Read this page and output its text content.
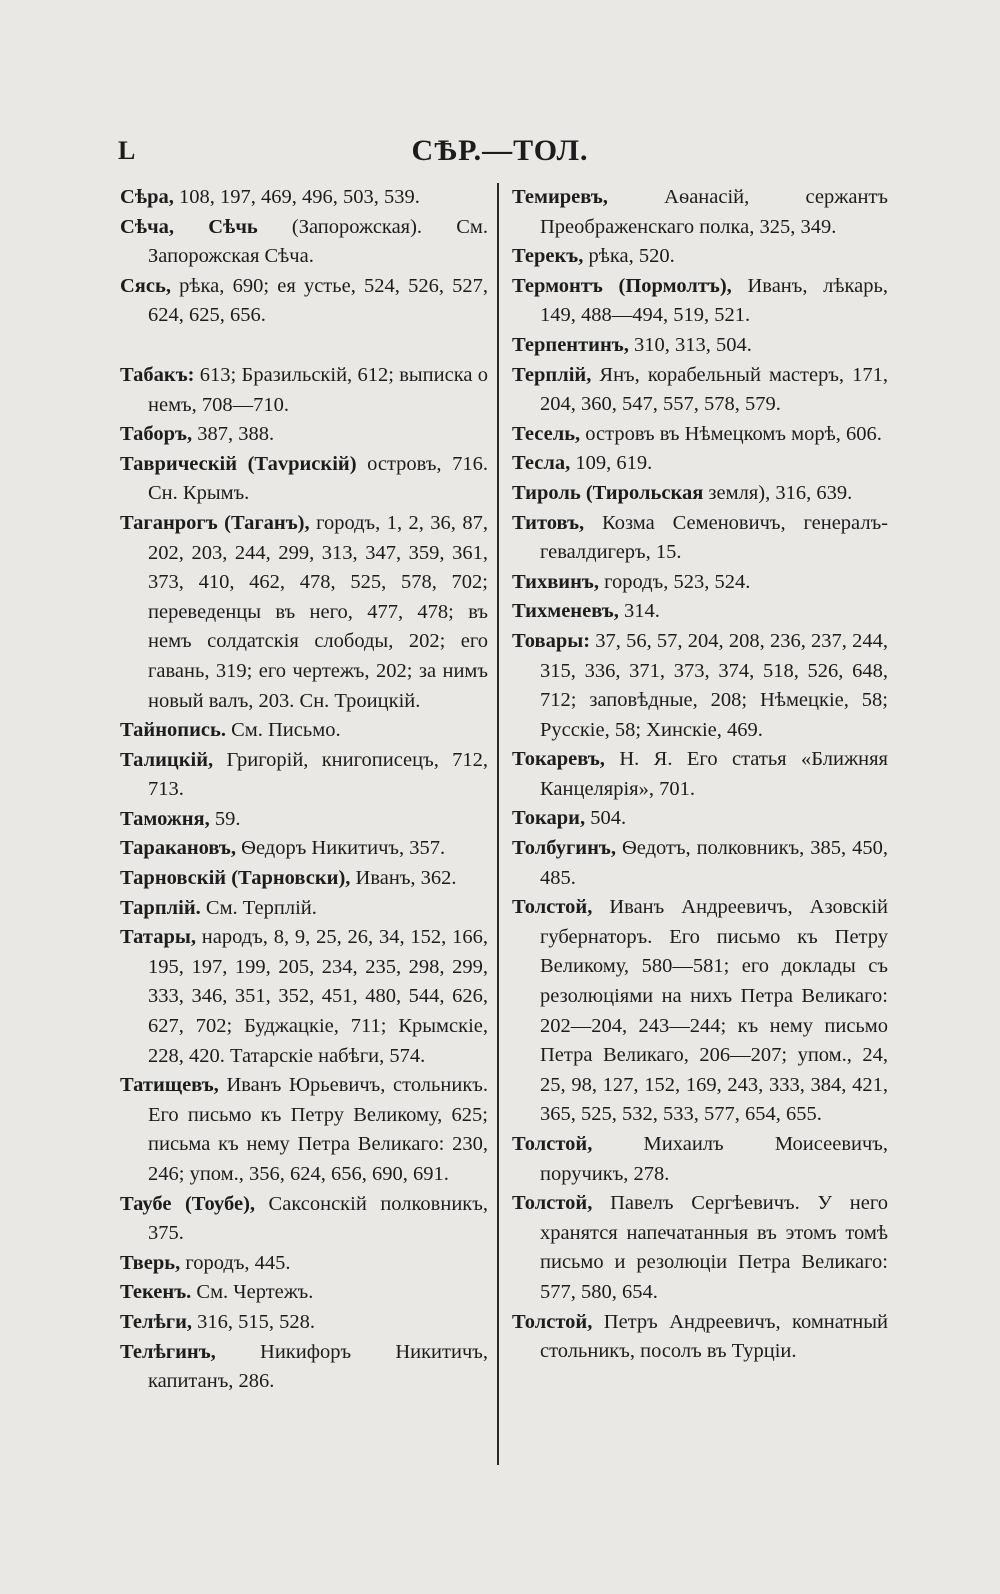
L	СѢР.—ТОЛ.

Сѣра, 108, 197, 469, 496, 503, 539.

Сѣча, Сѣчь (Запорожская). См. Запорожская Сѣча.

Сясь, рѣка, 690; ея устье, 524, 526, 527, 624, 625, 656.

Табакъ: 613; Бразильскій, 612; выписка о немъ, 708—710.

Таборъ, 387, 388.

Таврическій (Таvрискій) островъ, 716. Сн. Крымъ.

Таганрогъ (Таганъ), городъ, 1, 2, 36, 87, 202, 203, 244, 299, 313, 347, 359, 361, 373, 410, 462, 478, 525, 578, 702; переведенцы въ него, 477, 478; въ немъ солдатскія слободы, 202; его гавань, 319; его чертежъ, 202; за нимъ новый валъ, 203. Сн. Троицкій.

Тайнопись. См. Письмо.

Талицкій, Григорій, книгописецъ, 712, 713.

Таможня, 59.

Таракановъ, Ѳедоръ Никитичъ, 357.

Тарновскій (Тарновски), Иванъ, 362.

Тарплій. См. Терплій.

Татары, народъ, 8, 9, 25, 26, 34, 152, 166, 195, 197, 199, 205, 234, 235, 298, 299, 333, 346, 351, 352, 451, 480, 544, 626, 627, 702; Буджацкіе, 711; Крымскіе, 228, 420. Татарскіе набѣги, 574.

Татищевъ, Иванъ Юрьевичъ, стольникъ. Его письмо къ Петру Великому, 625; письма къ нему Петра Великаго: 230, 246; упом., 356, 624, 656, 690, 691.

Таубе (Тоубе), Саксонскій полковникъ, 375.

Тверь, городъ, 445.

Текенъ. См. Чертежъ.

Телѣги, 316, 515, 528.

Телѣгинъ, Никифоръ Никитичъ, капитанъ, 286.

Темиревъ, Аѳанасій, сержантъ Преображенскаго полка, 325, 349.

Терекъ, рѣка, 520.

Термонтъ (Пормолтъ), Иванъ, лѣкарь, 149, 488—494, 519, 521.

Терпентинъ, 310, 313, 504.

Терплій, Янъ, корабельный мастеръ, 171, 204, 360, 547, 557, 578, 579.

Тесель, островъ въ Нѣмецкомъ морѣ, 606.

Тесла, 109, 619.

Тироль (Тирольская земля), 316, 639.

Титовъ, Козма Семеновичъ, генералъ-гевалдигеръ, 15.

Тихвинъ, городъ, 523, 524.

Тихменевъ, 314.

Товары: 37, 56, 57, 204, 208, 236, 237, 244, 315, 336, 371, 373, 374, 518, 526, 648, 712; заповѣдные, 208; Нѣмецкіе, 58; Русскіе, 58; Хинскіе, 469.

Токаревъ, Н. Я. Его статья «Ближняя Канцелярія», 701.

Токари, 504.

Толбугинъ, Ѳедотъ, полковникъ, 385, 450, 485.

Толстой, Иванъ Андреевичъ, Азовскій губернаторъ. Его письмо къ Петру Великому, 580—581; его доклады съ резолюціями на нихъ Петра Великаго: 202—204, 243—244; къ нему письмо Петра Великаго, 206—207; упом., 24, 25, 98, 127, 152, 169, 243, 333, 384, 421, 365, 525, 532, 533, 577, 654, 655.

Толстой, Михаилъ Моисеевичъ, поручикъ, 278.

Толстой, Павелъ Сергѣевичъ. У него хранятся напечатанныя въ этомъ томѣ письмо и резолюціи Петра Великаго: 577, 580, 654.

Толстой, Петръ Андреевичъ, комнатный стольникъ, посолъ въ Турціи.
